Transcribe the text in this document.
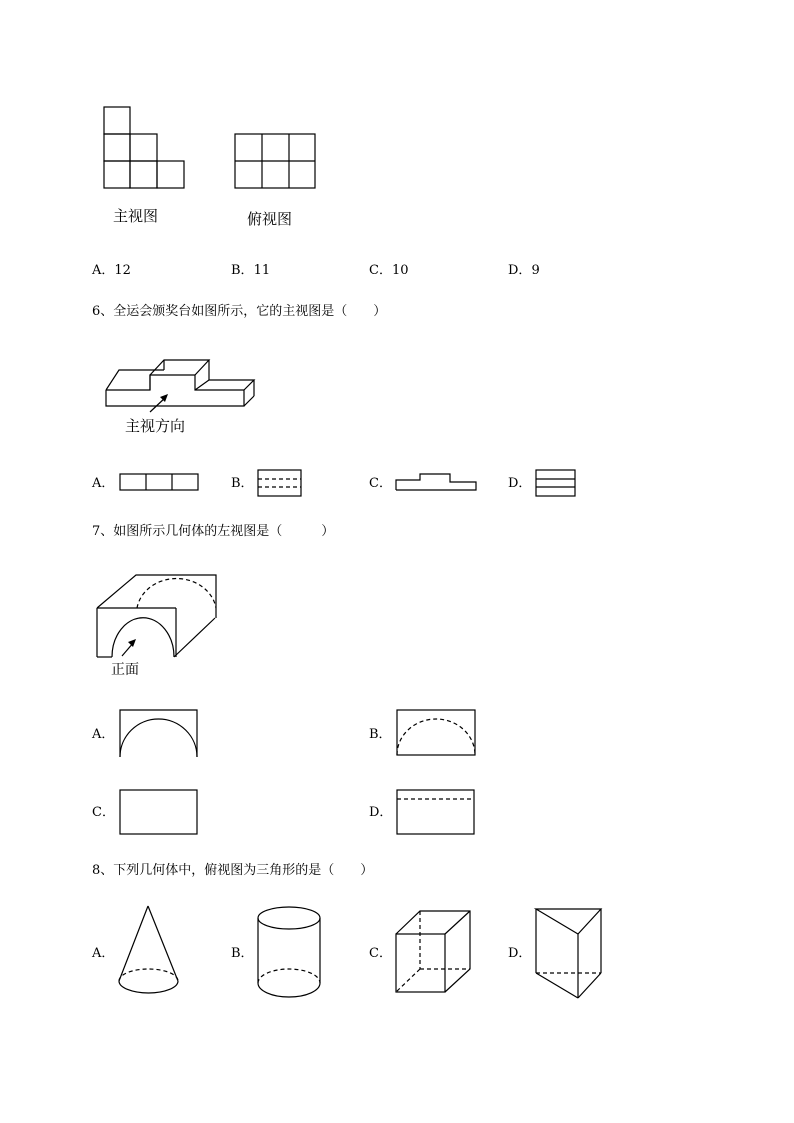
主视图	俯视图
A．12	B．11	C．10	D．9
6、全运会颁奖台如图所示，它的主视图是（　　）
主视方向
A．	B．	C．	D．
7、如图所示几何体的左视图是（　　　）
正面
A．	B．
C．	D．
8、下列几何体中，俯视图为三角形的是（　　）
A．	B．	C．	D．
